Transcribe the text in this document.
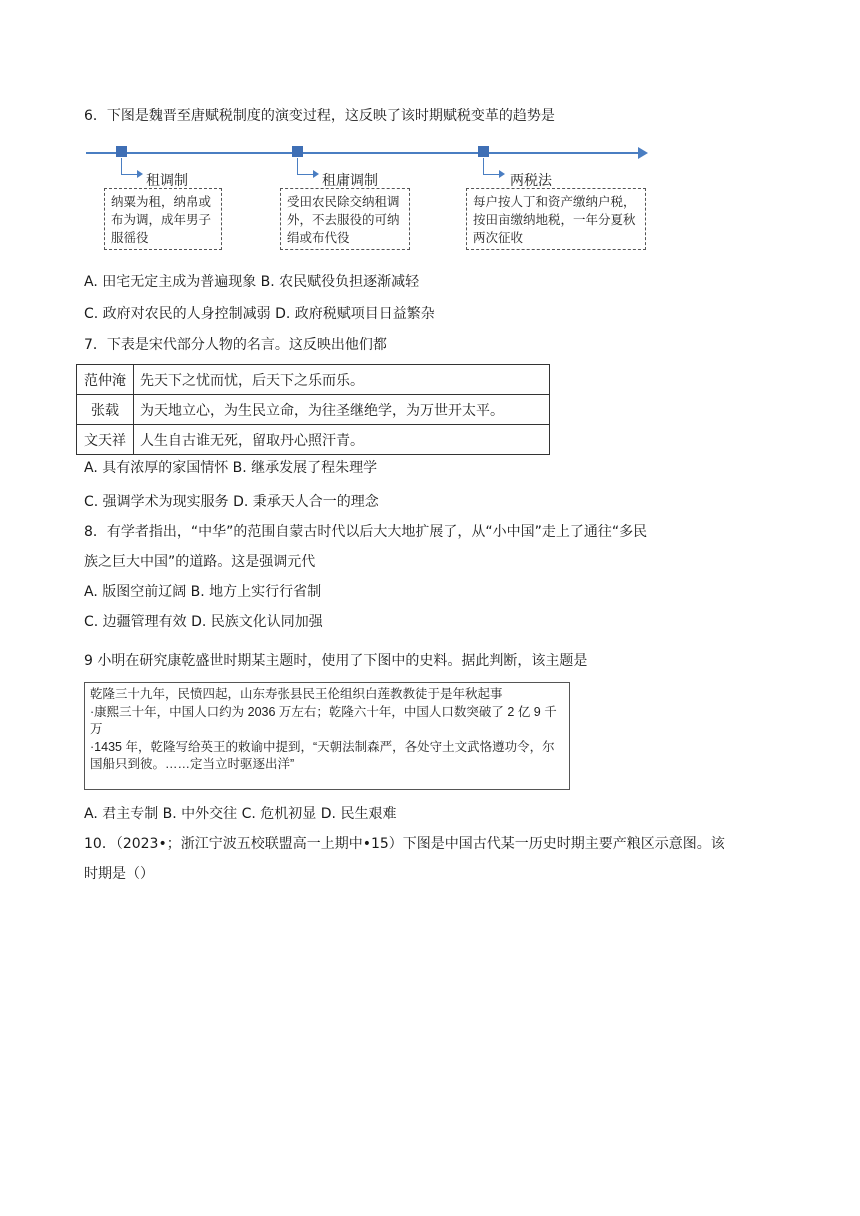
6．下图是魏晋至唐赋税制度的演变过程，这反映了该时期赋税变革的趋势是
租调制
纳粟为租，纳帛或布为调，成年男子服徭役
租庸调制
受田农民除交纳租调外，不去服役的可纳绢或布代役
两税法
每户按人丁和资产缴纳户税，按田亩缴纳地税，一年分夏秋两次征收
A. 田宅无定主成为普遍现象 B. 农民赋役负担逐渐减轻
C. 政府对农民的人身控制减弱 D. 政府税赋项目日益繁杂
7．下表是宋代部分人物的名言。这反映出他们都
范仲淹	先天下之忧而忧，后天下之乐而乐。
张载	为天地立心，为生民立命，为往圣继绝学，为万世开太平。
文天祥	人生自古谁无死，留取丹心照汗青。
A. 具有浓厚的家国情怀 B. 继承发展了程朱理学
C. 强调学术为现实服务 D. 秉承天人合一的理念
8．有学者指出，“中华”的范围自蒙古时代以后大大地扩展了，从“小中国”走上了通往“多民
族之巨大中国”的道路。这是强调元代
A. 版图空前辽阔 B. 地方上实行行省制
C. 边疆管理有效 D. 民族文化认同加强
9 小明在研究康乾盛世时期某主题时，使用了下图中的史料。据此判断，该主题是
乾隆三十九年，民愤四起，山东寿张县民王伦组织白莲教教徒于是年秋起事
·康熙三十年，中国人口约为 2036 万左右；乾隆六十年，中国人口数突破了 2 亿 9 千万
·1435 年，乾隆写给英王的敕谕中提到，“天朝法制森严，各处守土文武恪遵功令，尔国船只到彼。……定当立时驱逐出洋”
A. 君主专制 B. 中外交往 C. 危机初显 D. 民生艰难
10．（2023•；浙江宁波五校联盟高一上期中•15）下图是中国古代某一历史时期主要产粮区示意图。该
时期是（）
